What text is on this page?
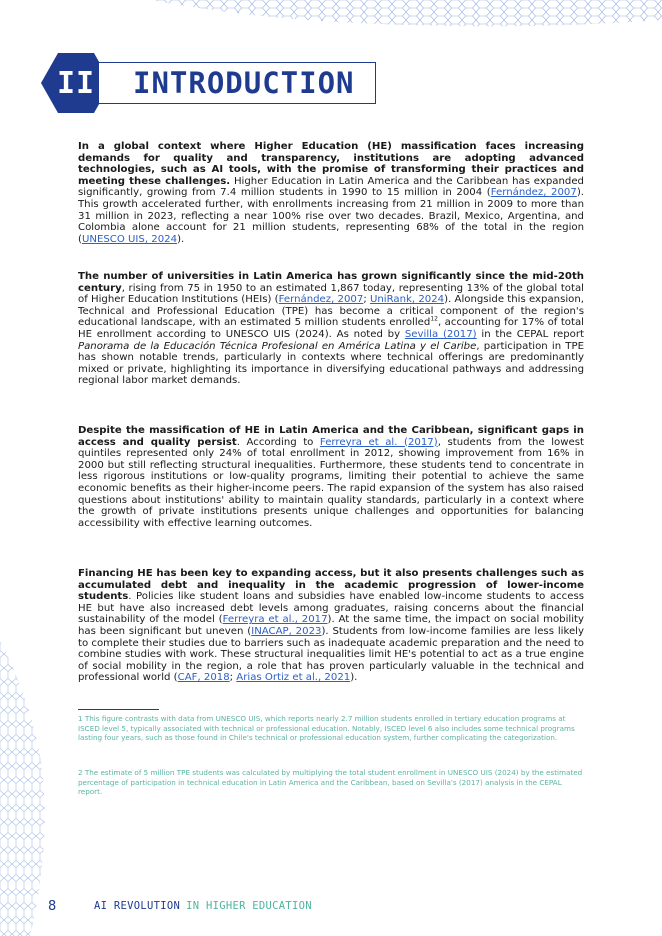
II	INTRODUCTION

In a global context where Higher Education (HE) massification faces increasing demands for quality and transparency, institutions are adopting advanced technologies, such as AI tools, with the promise of transforming their practices and meeting these challenges. Higher Education in Latin America and the Caribbean has expanded significantly, growing from 7.4 million students in 1990 to 15 million in 2004 (Fernández, 2007). This growth accelerated further, with enrollments increasing from 21 million in 2009 to more than 31 million in 2023, reflecting a near 100% rise over two decades. Brazil, Mexico, Argentina, and Colombia alone account for 21 million students, representing 68% of the total in the region (UNESCO UIS, 2024).

The number of universities in Latin America has grown significantly since the mid-20th century, rising from 75 in 1950 to an estimated 1,867 today, representing 13% of the global total of Higher Education Institutions (HEIs) (Fernández, 2007; UniRank, 2024). Alongside this expansion, Technical and Professional Education (TPE) has become a critical component of the region's educational landscape, with an estimated 5 million students enrolled$^{12}$, accounting for 17% of total HE enrollment according to UNESCO UIS (2024). As noted by Sevilla (2017) in the CEPAL report Panorama de la Educación Técnica Profesional en América Latina y el Caribe, participation in TPE has shown notable trends, particularly in contexts where technical offerings are predominantly mixed or private, highlighting its importance in diversifying educational pathways and addressing regional labor market demands.

Despite the massification of HE in Latin America and the Caribbean, significant gaps in access and quality persist. According to Ferreyra et al. (2017), students from the lowest quintiles represented only 24% of total enrollment in 2012, showing improvement from 16% in 2000 but still reflecting structural inequalities. Furthermore, these students tend to concentrate in less rigorous institutions or low-quality programs, limiting their potential to achieve the same economic benefits as their higher-income peers. The rapid expansion of the system has also raised questions about institutions' ability to maintain quality standards, particularly in a context where the growth of private institutions presents unique challenges and opportunities for balancing accessibility with effective learning outcomes.

Financing HE has been key to expanding access, but it also presents challenges such as accumulated debt and inequality in the academic progression of lower-income students. Policies like student loans and subsidies have enabled low-income students to access HE but have also increased debt levels among graduates, raising concerns about the financial sustainability of the model (Ferreyra et al., 2017). At the same time, the impact on social mobility has been significant but uneven (INACAP, 2023). Students from low-income families are less likely to complete their studies due to barriers such as inadequate academic preparation and the need to combine studies with work. These structural inequalities limit HE's potential to act as a true engine of social mobility in the region, a role that has proven particularly valuable in the technical and professional world (CAF, 2018; Arias Ortiz et al., 2021).

1 This figure contrasts with data from UNESCO UIS, which reports nearly 2.7 million students enrolled in tertiary education programs at ISCED level 5, typically associated with technical or professional education. Notably, ISCED level 6 also includes some technical programs lasting four years, such as those found in Chile's technical or professional education system, further complicating the categorization.

2 The estimate of 5 million TPE students was calculated by multiplying the total student enrollment in UNESCO UIS (2024) by the estimated percentage of participation in technical education in Latin America and the Caribbean, based on Sevilla's (2017) analysis in the CEPAL report.

8	AI REVOLUTION IN HIGHER EDUCATION
